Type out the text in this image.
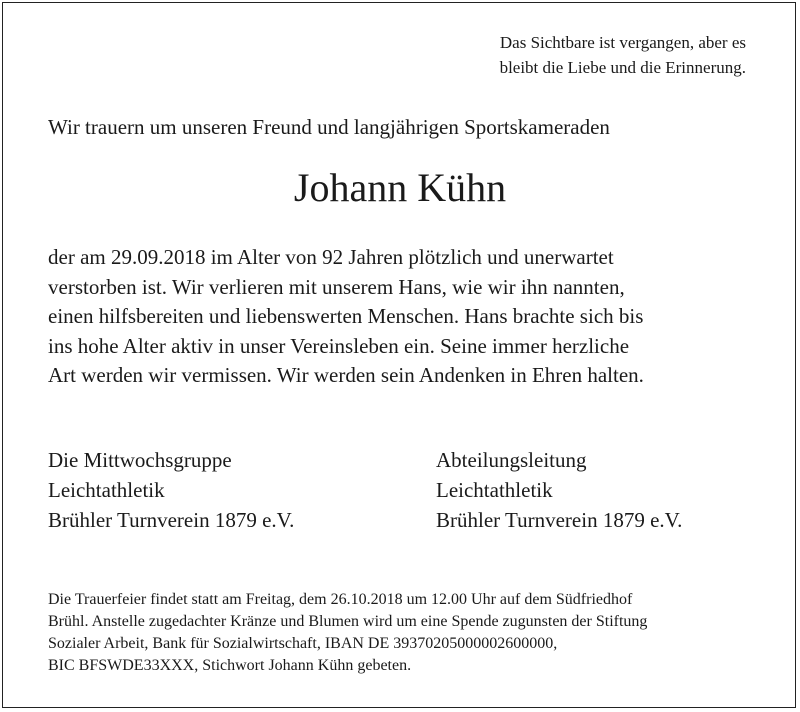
Das Sichtbare ist vergangen, aber es
bleibt die Liebe und die Erinnerung.
Wir trauern um unseren Freund und langjährigen Sportskameraden
Johann Kühn
der am 29.09.2018 im Alter von 92 Jahren plötzlich und unerwartet
verstorben ist. Wir verlieren mit unserem Hans, wie wir ihn nannten,
einen hilfsbereiten und liebenswerten Menschen. Hans brachte sich bis
ins hohe Alter aktiv in unser Vereinsleben ein. Seine immer herzliche
Art werden wir vermissen. Wir werden sein Andenken in Ehren halten.
Die Mittwochsgruppe
Leichtathletik
Brühler Turnverein 1879 e.V.
Abteilungsleitung
Leichtathletik
Brühler Turnverein 1879 e.V.
Die Trauerfeier findet statt am Freitag, dem 26.10.2018 um 12.00 Uhr auf dem Südfriedhof
Brühl. Anstelle zugedachter Kränze und Blumen wird um eine Spende zugunsten der Stiftung
Sozialer Arbeit, Bank für Sozialwirtschaft, IBAN DE 39370205000002600000,
BIC BFSWDE33XXX, Stichwort Johann Kühn gebeten.
